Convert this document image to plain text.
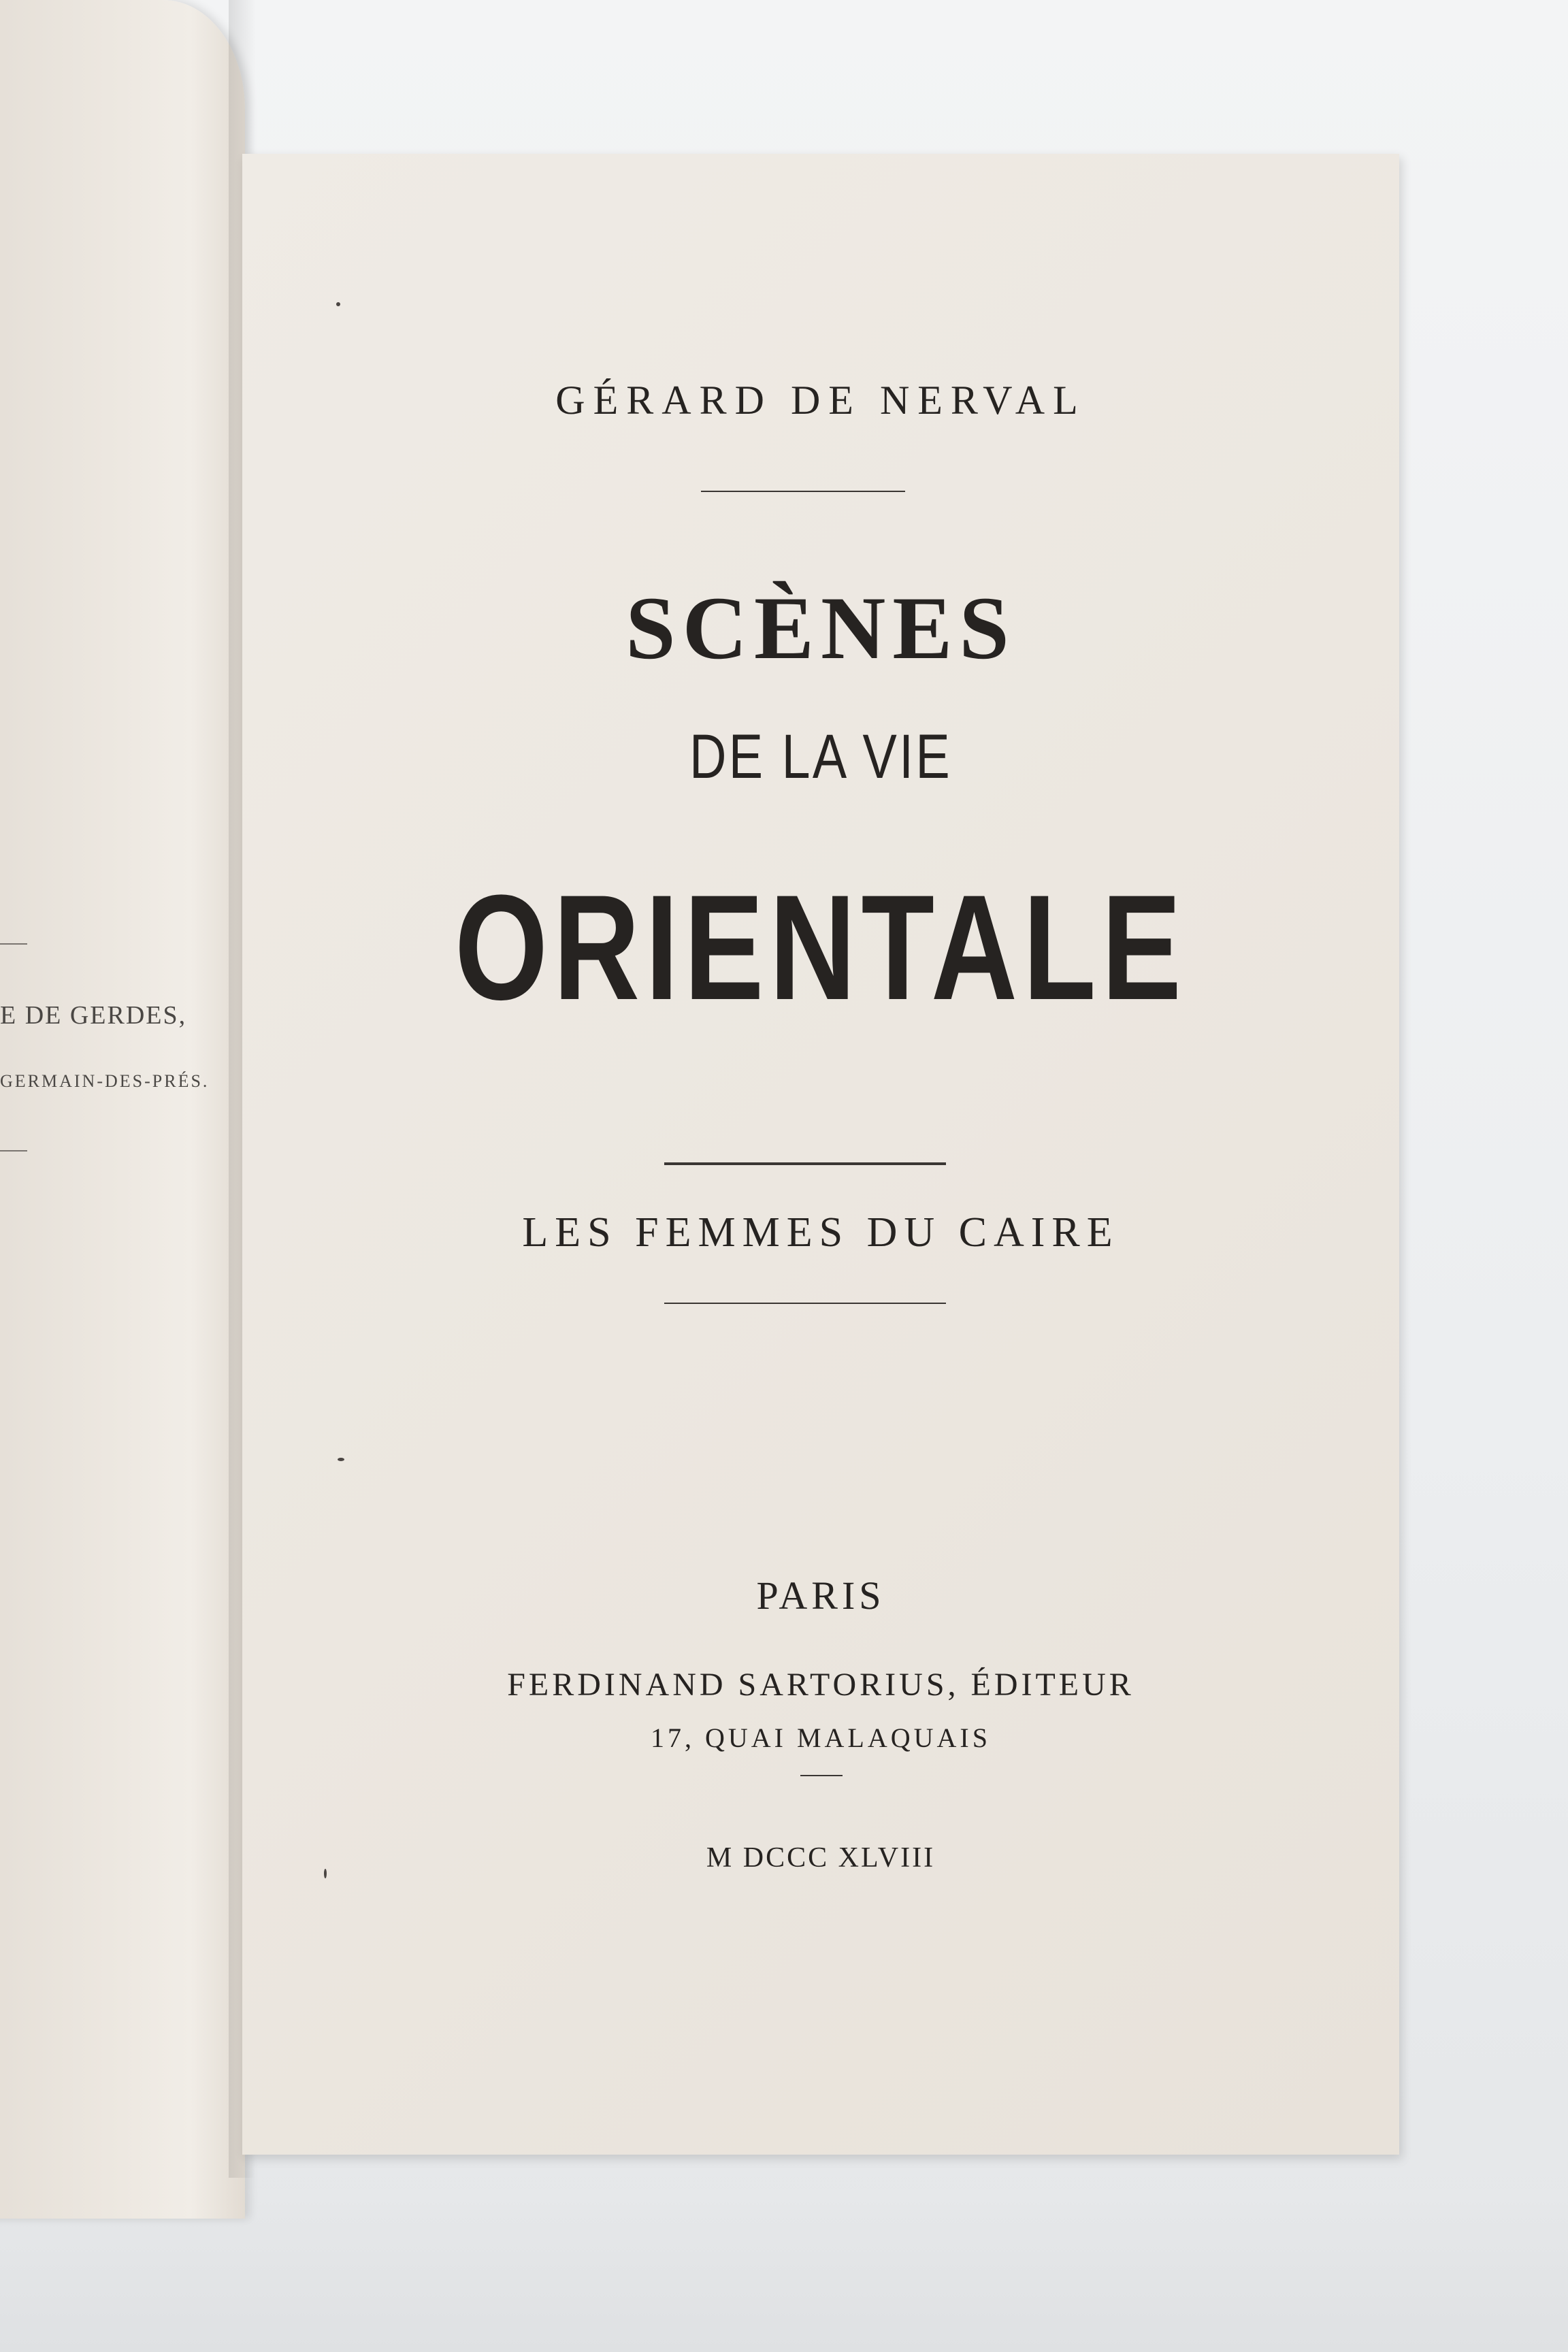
E DE GERDES,
GERMAIN-DES-PRÉS.
GÉRARD DE NERVAL
SCÈNES
DE LA VIE
ORIENTALE
LES FEMMES DU CAIRE
PARIS
FERDINAND SARTORIUS, ÉDITEUR
17, QUAI MALAQUAIS
M DCCC XLVIII
